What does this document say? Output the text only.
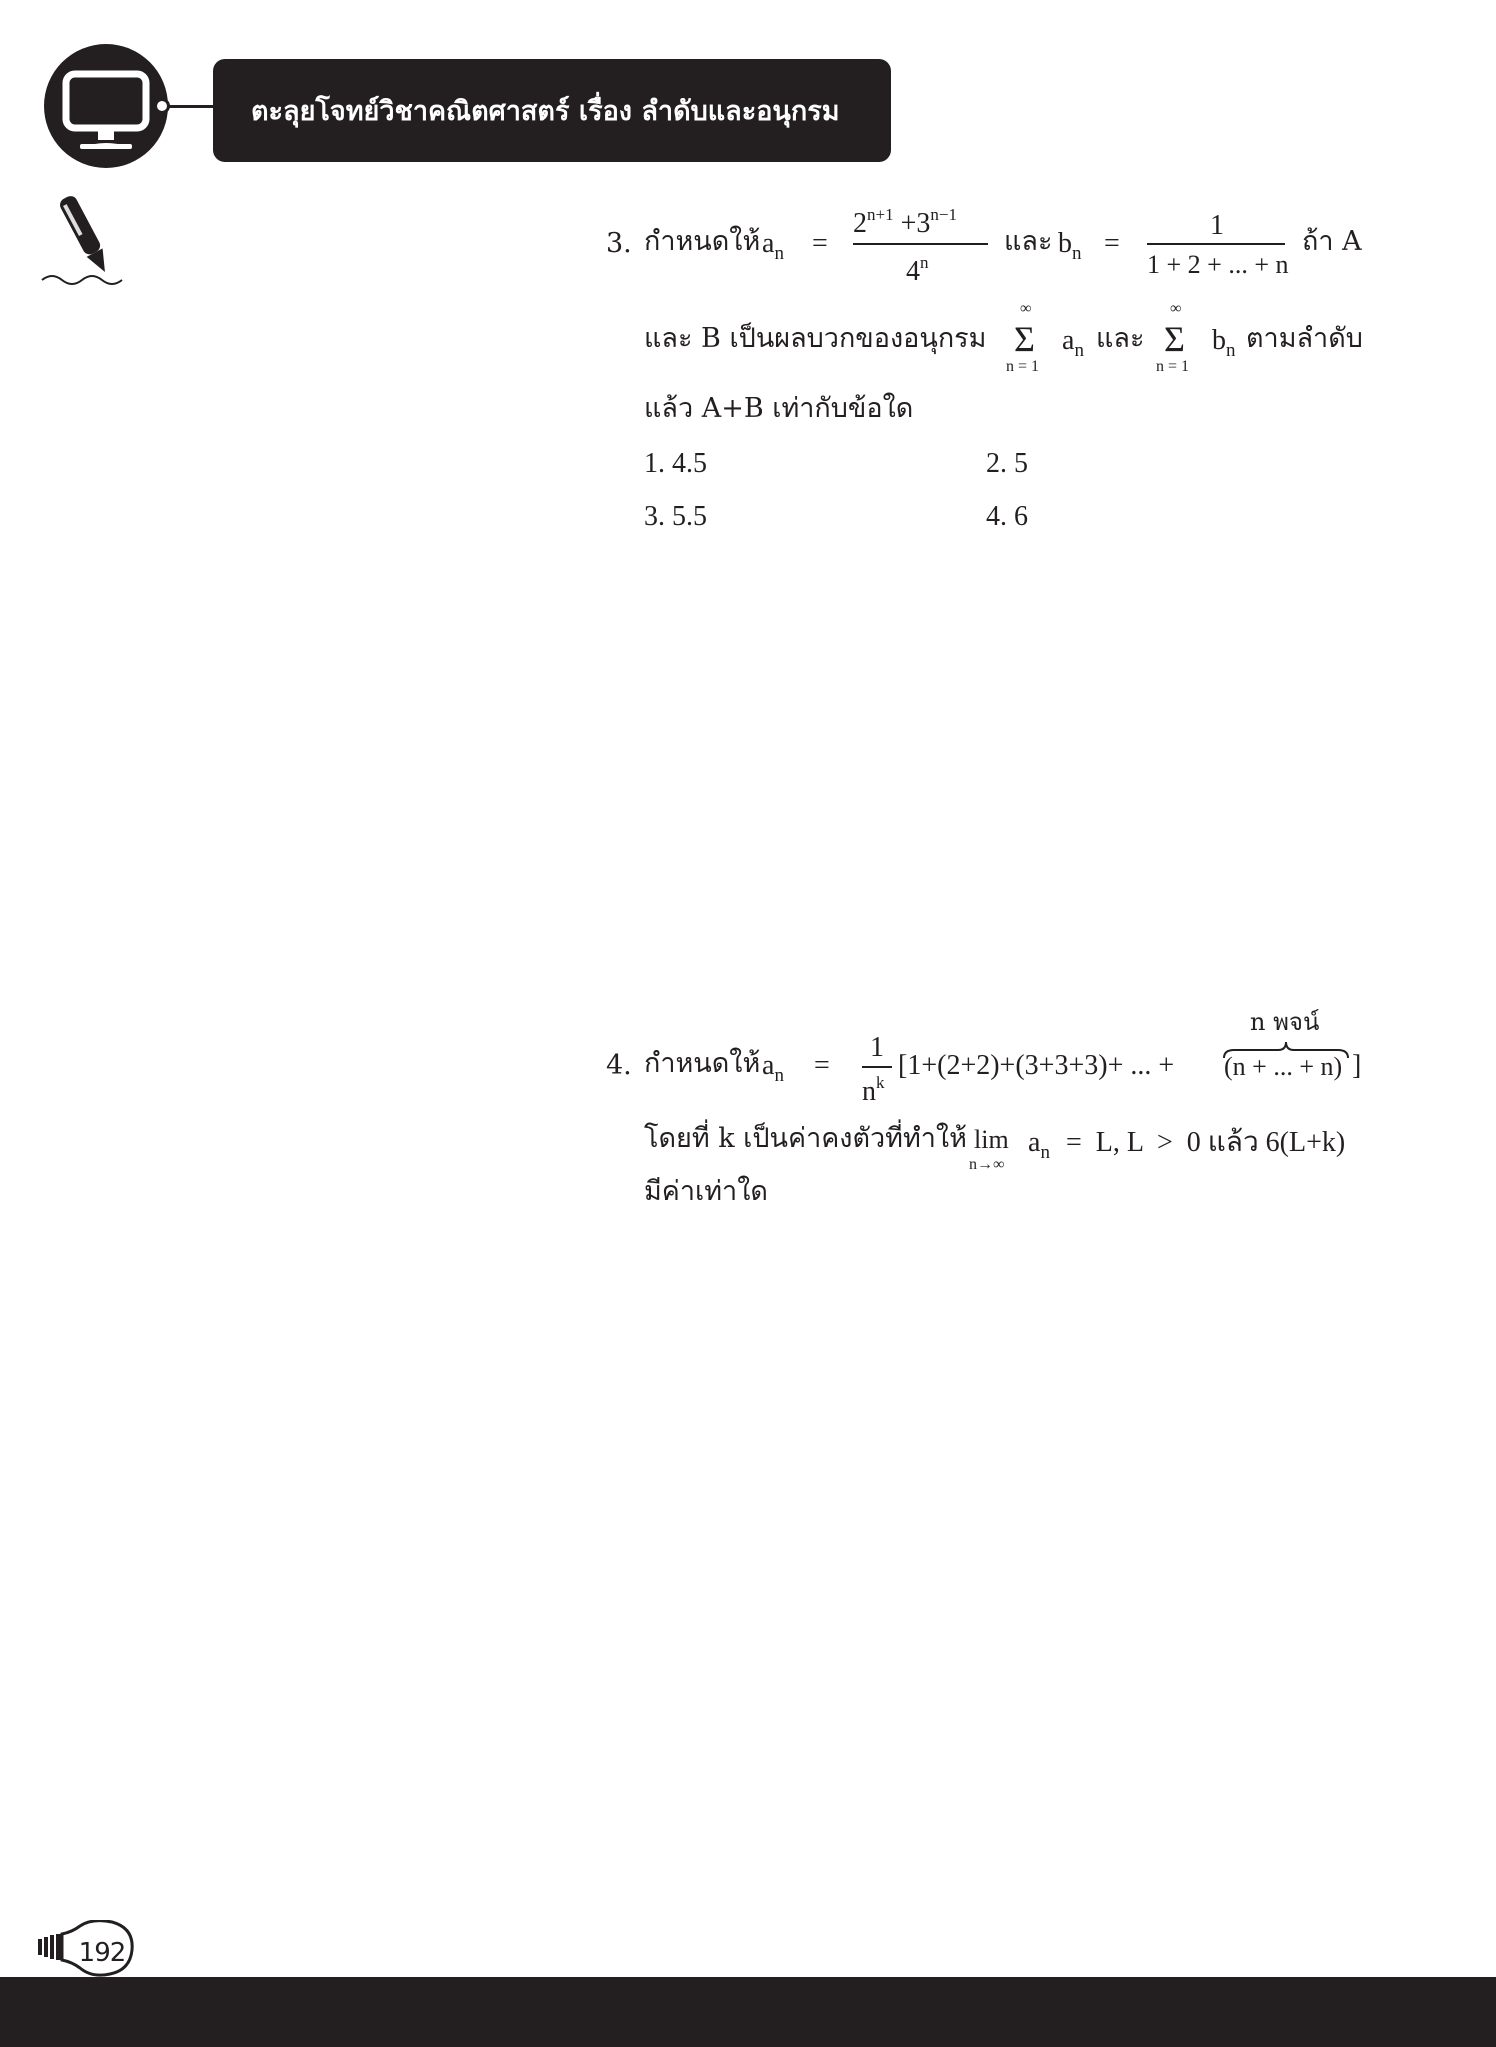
ตะลุยโจทย์วิชาคณิตศาสตร์ เรื่อง ลำดับและอนุกรม
3. กำหนดให้ $a_n$ =
$2^{n+1} +3^{n-1}$
4$^n$
และ $b_n$ =
1
1 + 2 + ... + n
ถ้า A
และ B เป็นผลบวกของอนุกรม
∞
Σ
n = 1
$a_n$ และ
∞
Σ
n = 1
$b_n$ ตามลำดับ
แล้ว A+B เท่ากับข้อใด
1. 4.5	2. 5
3. 5.5	4. 6
4. กำหนดให้ $a_n$ =
1
$n^k$
[1+(2+2)+(3+3+3)+ ... +
n พจน์
(n + ... + n) ]
โดยที่ k เป็นค่าคงตัวที่ทำให้ lim
n→∞
$a_n = L$, L  >  0 แล้ว 6(L+k)
มีค่าเท่าใด
192
